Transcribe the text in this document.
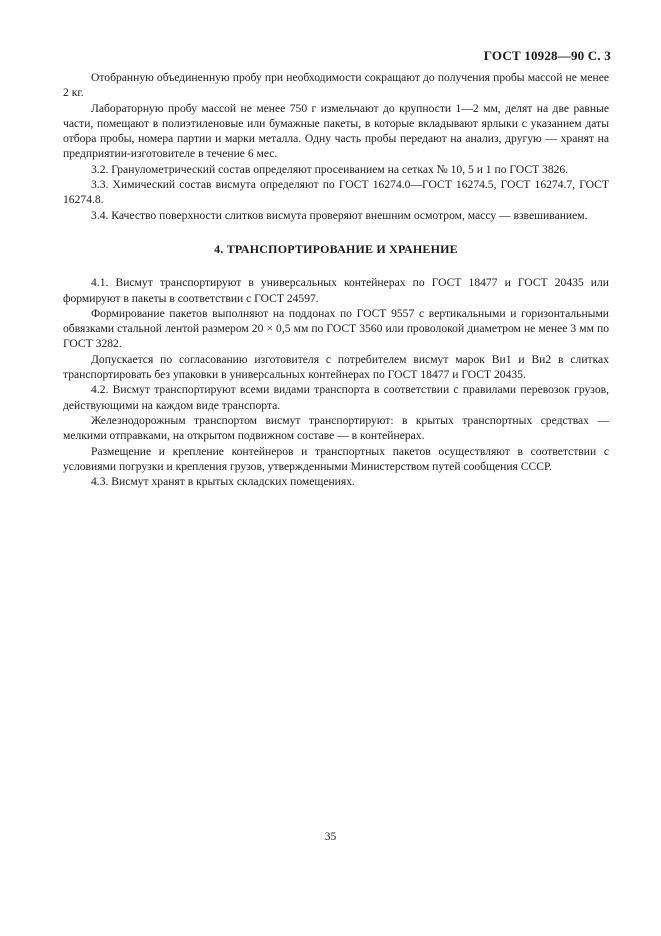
ГОСТ 10928—90 С. 3

Отобранную объединенную пробу при необходимости сокращают до получения пробы массой не менее 2 кг.

Лабораторную пробу массой не менее 750 г измельчают до крупности 1—2 мм, делят на две равные части, помещают в полиэтиленовые или бумажные пакеты, в которые вкладывают ярлыки с указанием даты отбора пробы, номера партии и марки металла. Одну часть пробы передают на анализ, другую — хранят на предприятии-изготовителе в течение 6 мес.

3.2. Гранулометрический состав определяют просеиванием на сетках № 10, 5 и 1 по ГОСТ 3826.

3.3. Химический состав висмута определяют по ГОСТ 16274.0—ГОСТ 16274.5, ГОСТ 16274.7, ГОСТ 16274.8.

3.4. Качество поверхности слитков висмута проверяют внешним осмотром, массу — взвешиванием.

4. ТРАНСПОРТИРОВАНИЕ И ХРАНЕНИЕ

4.1. Висмут транспортируют в универсальных контейнерах по ГОСТ 18477 и ГОСТ 20435 или формируют в пакеты в соответствии с ГОСТ 24597.

Формирование пакетов выполняют на поддонах по ГОСТ 9557 с вертикальными и горизонтальными обвязками стальной лентой размером 20 × 0,5 мм по ГОСТ 3560 или проволокой диаметром не менее 3 мм по ГОСТ 3282.

Допускается по согласованию изготовителя с потребителем висмут марок Ви1 и Ви2 в слитках транспортировать без упаковки в универсальных контейнерах по ГОСТ 18477 и ГОСТ 20435.

4.2. Висмут транспортируют всеми видами транспорта в соответствии с правилами перевозок грузов, действующими на каждом виде транспорта.

Железнодорожным транспортом висмут транспортируют: в крытых транспортных средствах — мелкими отправками, на открытом подвижном составе — в контейнерах.

Размещение и крепление контейнеров и транспортных пакетов осуществляют в соответствии с условиями погрузки и крепления грузов, утвержденными Министерством путей сообщения СССР.

4.3. Висмут хранят в крытых складских помещениях.

35
